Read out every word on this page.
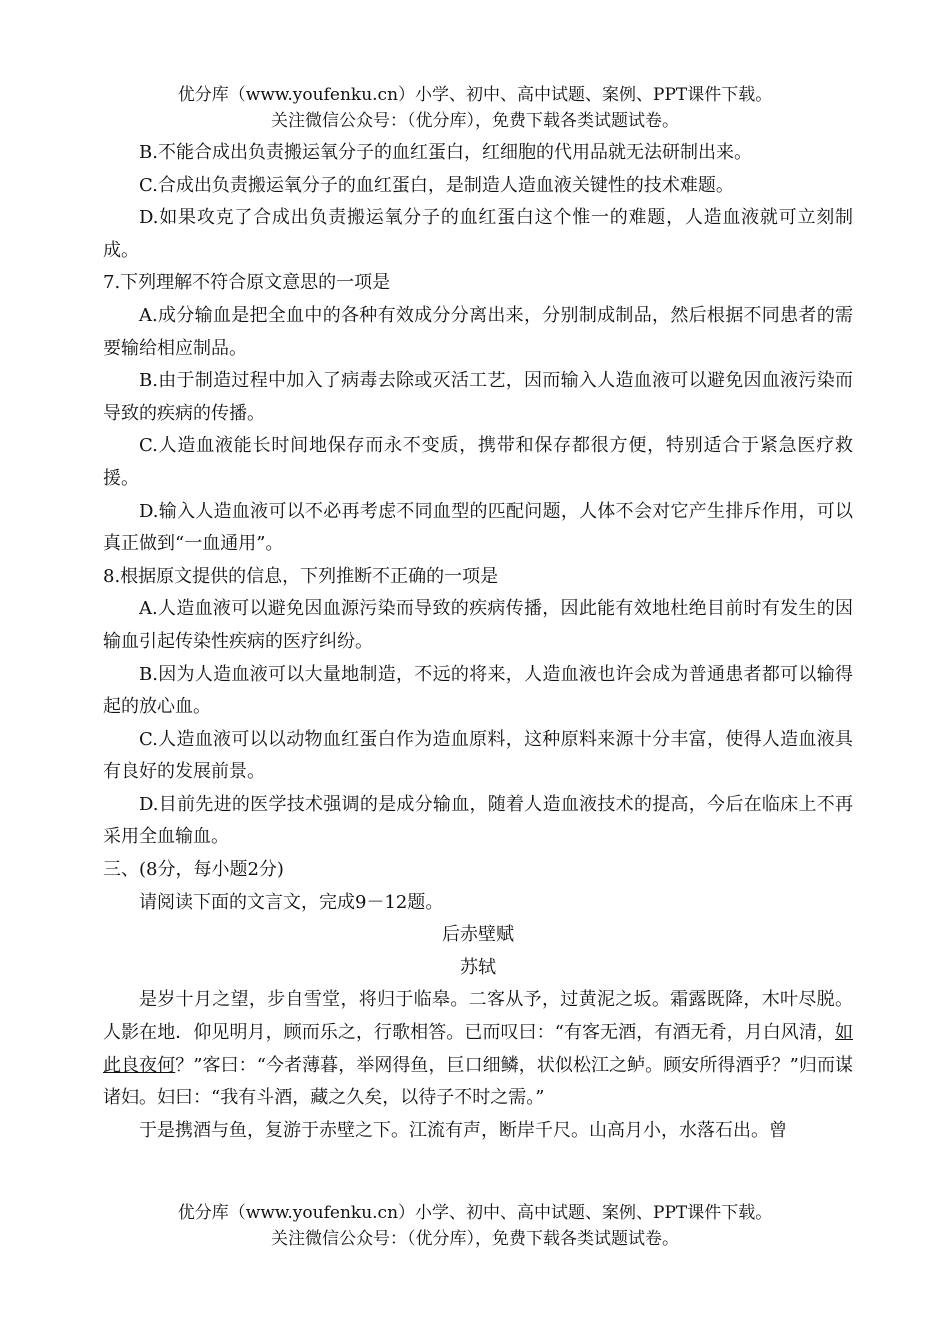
优分库（www.youfenku.cn）小学、初中、高中试题、案例、PPT课件下载。
关注微信公众号：（优分库），免费下载各类试题试卷。

B.不能合成出负责搬运氧分子的血红蛋白，红细胞的代用品就无法研制出来。

C.合成出负责搬运氧分子的血红蛋白，是制造人造血液关键性的技术难题。

D.如果攻克了合成出负责搬运氧分子的血红蛋白这个惟一的难题，人造血液就可立刻制成。

7.下列理解不符合原文意思的一项是

A.成分输血是把全血中的各种有效成分分离出来，分别制成制品，然后根据不同患者的需要输给相应制品。

B.由于制造过程中加入了病毒去除或灭活工艺，因而输入人造血液可以避免因血液污染而导致的疾病的传播。

C.人造血液能长时间地保存而永不变质，携带和保存都很方便，特别适合于紧急医疗救援。

D.输入人造血液可以不必再考虑不同血型的匹配问题，人体不会对它产生排斥作用，可以真正做到“一血通用”。

8.根据原文提供的信息，下列推断不正确的一项是

A.人造血液可以避免因血源污染而导致的疾病传播，因此能有效地杜绝目前时有发生的因输血引起传染性疾病的医疗纠纷。

B.因为人造血液可以大量地制造，不远的将来，人造血液也许会成为普通患者都可以输得起的放心血。

C.人造血液可以以动物血红蛋白作为造血原料，这种原料来源十分丰富，使得人造血液具有良好的发展前景。

D.目前先进的医学技术强调的是成分输血，随着人造血液技术的提高，今后在临床上不再采用全血输血。

三、(8分，每小题2分)

请阅读下面的文言文，完成9－12题。

后赤壁赋

苏轼

是岁十月之望，步自雪堂，将归于临皋。二客从予，过黄泥之坂。霜露既降，木叶尽脱。人影在地．仰见明月，顾而乐之，行歌相答。已而叹曰：“有客无酒，有酒无肴，月白风清，如此良夜何？”客曰：“今者薄暮，举网得鱼，巨口细鳞，状似松江之鲈。顾安所得酒乎？”归而谋诸妇。妇曰：“我有斗酒，藏之久矣，以待子不时之需。”

于是携酒与鱼，复游于赤壁之下。江流有声，断岸千尺。山高月小，水落石出。曾

优分库（www.youfenku.cn）小学、初中、高中试题、案例、PPT课件下载。
关注微信公众号：（优分库），免费下载各类试题试卷。
